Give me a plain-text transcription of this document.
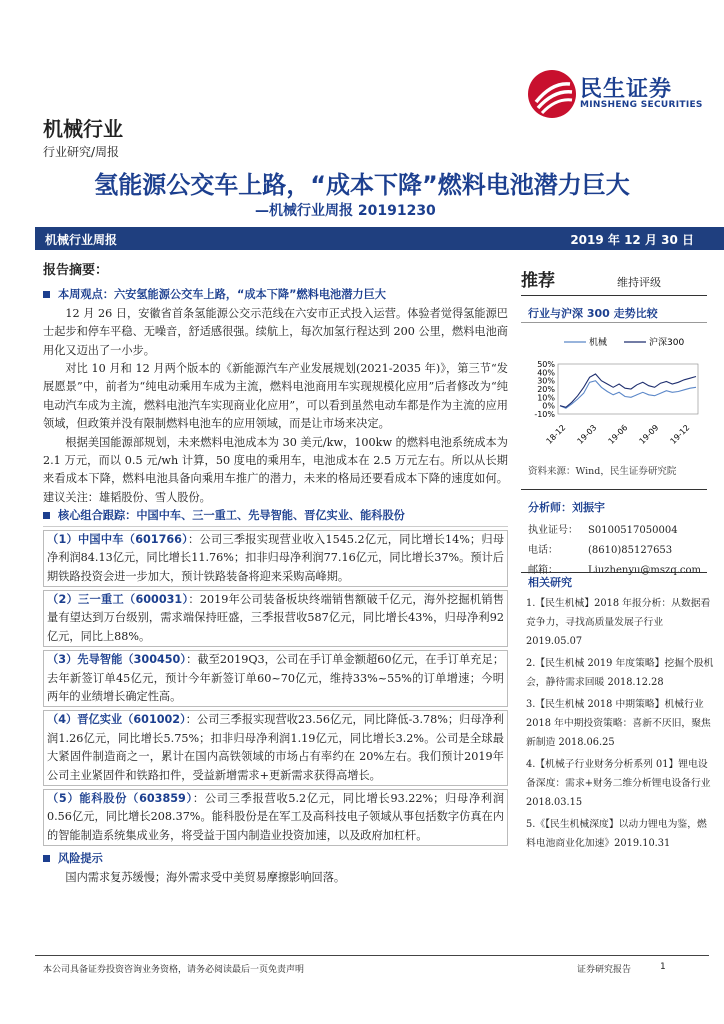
机械行业
行业研究/周报
民生证券
MINSHENG SECURITIES
氢能源公交车上路，“成本下降”燃料电池潜力巨大
—机械行业周报 20191230
机械行业周报	2019 年 12 月 30 日

报告摘要：

本周观点：六安氢能源公交车上路，“成本下降”燃料电池潜力巨大

12 月 26 日，安徽省首条氢能源公交示范线在六安市正式投入运营。体验者觉得氢能源巴士起步和停车平稳、无噪音，舒适感很强。续航上，每次加氢行程达到 200 公里，燃料电池商用化又迈出了一小步。

对比 10 月和 12 月两个版本的《新能源汽车产业发展规划(2021-2035 年)》，第三节“发展愿景”中，前者为“纯电动乘用车成为主流，燃料电池商用车实现规模化应用”后者修改为“纯电动汽车成为主流，燃料电池汽车实现商业化应用”，可以看到虽然电动车都是作为主流的应用领域，但政策并没有限制燃料电池车的应用领域，而是让市场来决定。

根据美国能源部规划，未来燃料电池成本为 30 美元/kw，100kw 的燃料电池系统成本为 2.1 万元，而以 0.5 元/wh 计算，50 度电的乘用车，电池成本在 2.5 万元左右。所以从长期来看成本下降，燃料电池具备向乘用车推广的潜力，未来的格局还要看成本下降的速度如何。建议关注：雄韬股份、雪人股份。

核心组合跟踪：中国中车、三一重工、先导智能、晋亿实业、能科股份

（1）中国中车（601766）：公司三季报实现营业收入1545.2亿元，同比增长14%；归母净利润84.13亿元，同比增长11.76%；扣非归母净利润77.16亿元，同比增长37%。预计后期铁路投资会进一步加大，预计铁路装备将迎来采购高峰期。

（2）三一重工（600031）：2019年公司装备板块终端销售额破千亿元，海外挖掘机销售量有望达到万台级别，需求端保持旺盛，三季报营收587亿元，同比增长43%，归母净利92亿元，同比上88%。

（3）先导智能（300450）：截至2019Q3，公司在手订单金额超60亿元，在手订单充足；去年新签订单45亿元，预计今年新签订单60~70亿元，维持33%~55%的订单增速；今明两年的业绩增长确定性高。

（4）晋亿实业（601002）：公司三季报实现营收23.56亿元，同比降低-3.78%；归母净利润1.26亿元，同比增长5.75%；扣非归母净利润1.19亿元，同比增长3.2%。公司是全球最大紧固件制造商之一，累计在国内高铁领域的市场占有率约在 20%左右。我们预计2019年公司主业紧固件和铁路扣件，受益新增需求+更新需求获得高增长。

（5）能科股份（603859）：公司三季报营收5.2亿元，同比增长93.22%；归母净利润0.56亿元，同比增长208.37%。能科股份是在军工及高科技电子领域从事包括数字仿真在内的智能制造系统集成业务，将受益于国内制造业投资加速，以及政府加杠杆。

风险提示

国内需求复苏缓慢；海外需求受中美贸易摩擦影响回落。

推荐	维持评级
行业与沪深 300 走势比较
机械	沪深300
50%
40%
30%
20%
10%
0%
-10%
18-12 19-03 19-06 19-09 19-12
资料来源：Wind，民生证券研究院
分析师：刘振宇
执业证号： S0100517050004
电话：	(8610)85127653
邮箱：	Liuzhenyu@mszq.com
相关研究
1.【民生机械】2018 年报分析：从数据看竞争力，寻找高质量发展子行业 2019.05.07
2.【民生机械 2019 年度策略】挖掘个股机会，静待需求回暖 2018.12.28
3.【民生机械 2018 中期策略】机械行业 2018 年中期投资策略：喜新不厌旧，聚焦新制造 2018.06.25
4.【机械子行业财务分析系列 01】锂电设备深度：需求+财务二维分析锂电设备行业 2018.03.15
5.《【民生机械深度】以动力锂电为鉴，燃料电池商业化加速》2019.10.31
本公司具备证券投资咨询业务资格，请务必阅读最后一页免责声明	证券研究报告	1
